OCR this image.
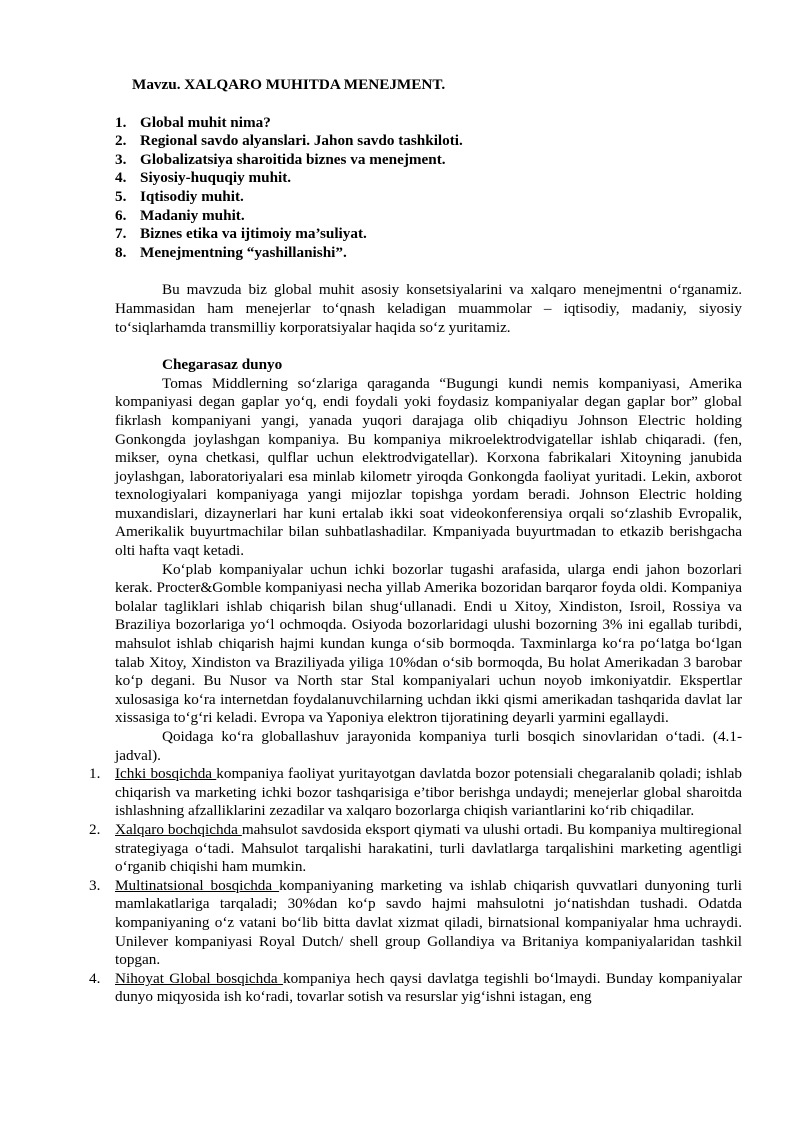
Mavzu. XALQARO MUHITDA MENEJMENT.

1. Global muhit nima?
2. Regional savdo alyanslari. Jahon savdo tashkiloti.
3. Globalizatsiya sharoitida biznes va menejment.
4. Siyosiy-huquqiy muhit.
5. Iqtisodiy muhit.
6. Madaniy muhit.
7. Biznes etika va ijtimoiy ma’suliyat.
8. Menejmentning “yashillanishi”.

Bu mavzuda biz global muhit asosiy konsetsiyalarini va xalqaro menejmentni o‘rganamiz. Hammasidan ham menejerlar to‘qnash keladigan muammolar – iqtisodiy, madaniy, siyosiy to‘siqlarhamda transmilliy korporatsiyalar haqida so‘z yuritamiz.

Chegarasaz dunyo

Tomas Middlerning so‘zlariga qaraganda “Bugungi kundi nemis kompaniyasi, Amerika kompaniyasi degan gaplar yo‘q, endi foydali yoki foydasiz kompaniyalar degan gaplar bor” global fikrlash kompaniyani yangi, yanada yuqori darajaga olib chiqadiyu Johnson Electric holding Gonkongda joylashgan kompaniya. Bu kompaniya mikroelektrodvigatellar ishlab chiqaradi. (fen, mikser, oyna chetkasi, qulflar uchun elektrodvigatellar). Korxona fabrikalari Xitoyning janubida joylashgan, laboratoriyalari esa minlab kilometr yiroqda Gonkongda faoliyat yuritadi. Lekin, axborot texnologiyalari kompaniyaga yangi mijozlar topishga yordam beradi. Johnson Electric holding muxandislari, dizaynerlari har kuni ertalab ikki soat videokonferensiya orqali so‘zlashib Evropalik, Amerikalik buyurtmachilar bilan suhbatlashadilar. Kmpaniyada buyurtmadan to etkazib berishgacha olti hafta vaqt ketadi.

Ko‘plab kompaniyalar uchun ichki bozorlar tugashi arafasida, ularga endi jahon bozorlari kerak. Procter&Gomble kompaniyasi necha yillab Amerika bozoridan barqaror foyda oldi. Kompaniya bolalar tagliklari ishlab chiqarish bilan shug‘ullanadi. Endi u Xitoy, Xindiston, Isroil, Rossiya va Braziliya bozorlariga yo‘l ochmoqda. Osiyoda bozorlaridagi ulushi bozorning 3% ini egallab turibdi, mahsulot ishlab chiqarish hajmi kundan kunga o‘sib bormoqda. Taxminlarga ko‘ra po‘latga bo‘lgan talab Xitoy, Xindiston va Braziliyada yiliga 10%dan o‘sib bormoqda, Bu holat Amerikadan 3 barobar ko‘p degani. Bu Nusor va North star Stal kompaniyalari uchun noyob imkoniyatdir. Ekspertlar xulosasiga ko‘ra internetdan foydalanuvchilarning uchdan ikki qismi amerikadan tashqarida davlat lar xissasiga to‘g‘ri keladi. Evropa va Yaponiya elektron tijoratining deyarli yarmini egallaydi.

Qoidaga ko‘ra globallashuv jarayonida kompaniya turli bosqich sinovlaridan o‘tadi. (4.1-jadval).

1. Ichki bosqichda kompaniya faoliyat yuritayotgan davlatda bozor potensiali chegaralanib qoladi; ishlab chiqarish va marketing ichki bozor tashqarisiga e’tibor berishga undaydi; menejerlar global sharoitda ishlashning afzalliklarini zezadilar va xalqaro bozorlarga chiqish variantlarini ko‘rib chiqadilar.
2. Xalqaro bochqichda mahsulot savdosida eksport qiymati va ulushi ortadi. Bu kompaniya multiregional strategiyaga o‘tadi. Mahsulot tarqalishi harakatini, turli davlatlarga tarqalishini marketing agentligi o‘rganib chiqishi ham mumkin.
3. Multinatsional bosqichda kompaniyaning marketing va ishlab chiqarish quvvatlari dunyoning turli mamlakatlariga tarqaladi; 30%dan ko‘p savdo hajmi mahsulotni jo‘natishdan tushadi. Odatda kompaniyaning o‘z vatani bo‘lib bitta davlat xizmat qiladi, birnatsional kompaniyalar hma uchraydi. Unilever kompaniyasi Royal Dutch/ shell group Gollandiya va Britaniya kompaniyalaridan tashkil topgan.
4. Nihoyat Global bosqichda kompaniya hech qaysi davlatga tegishli bo‘lmaydi. Bunday kompaniyalar dunyo miqyosida ish ko‘radi, tovarlar sotish va resurslar yig‘ishni istagan, eng
